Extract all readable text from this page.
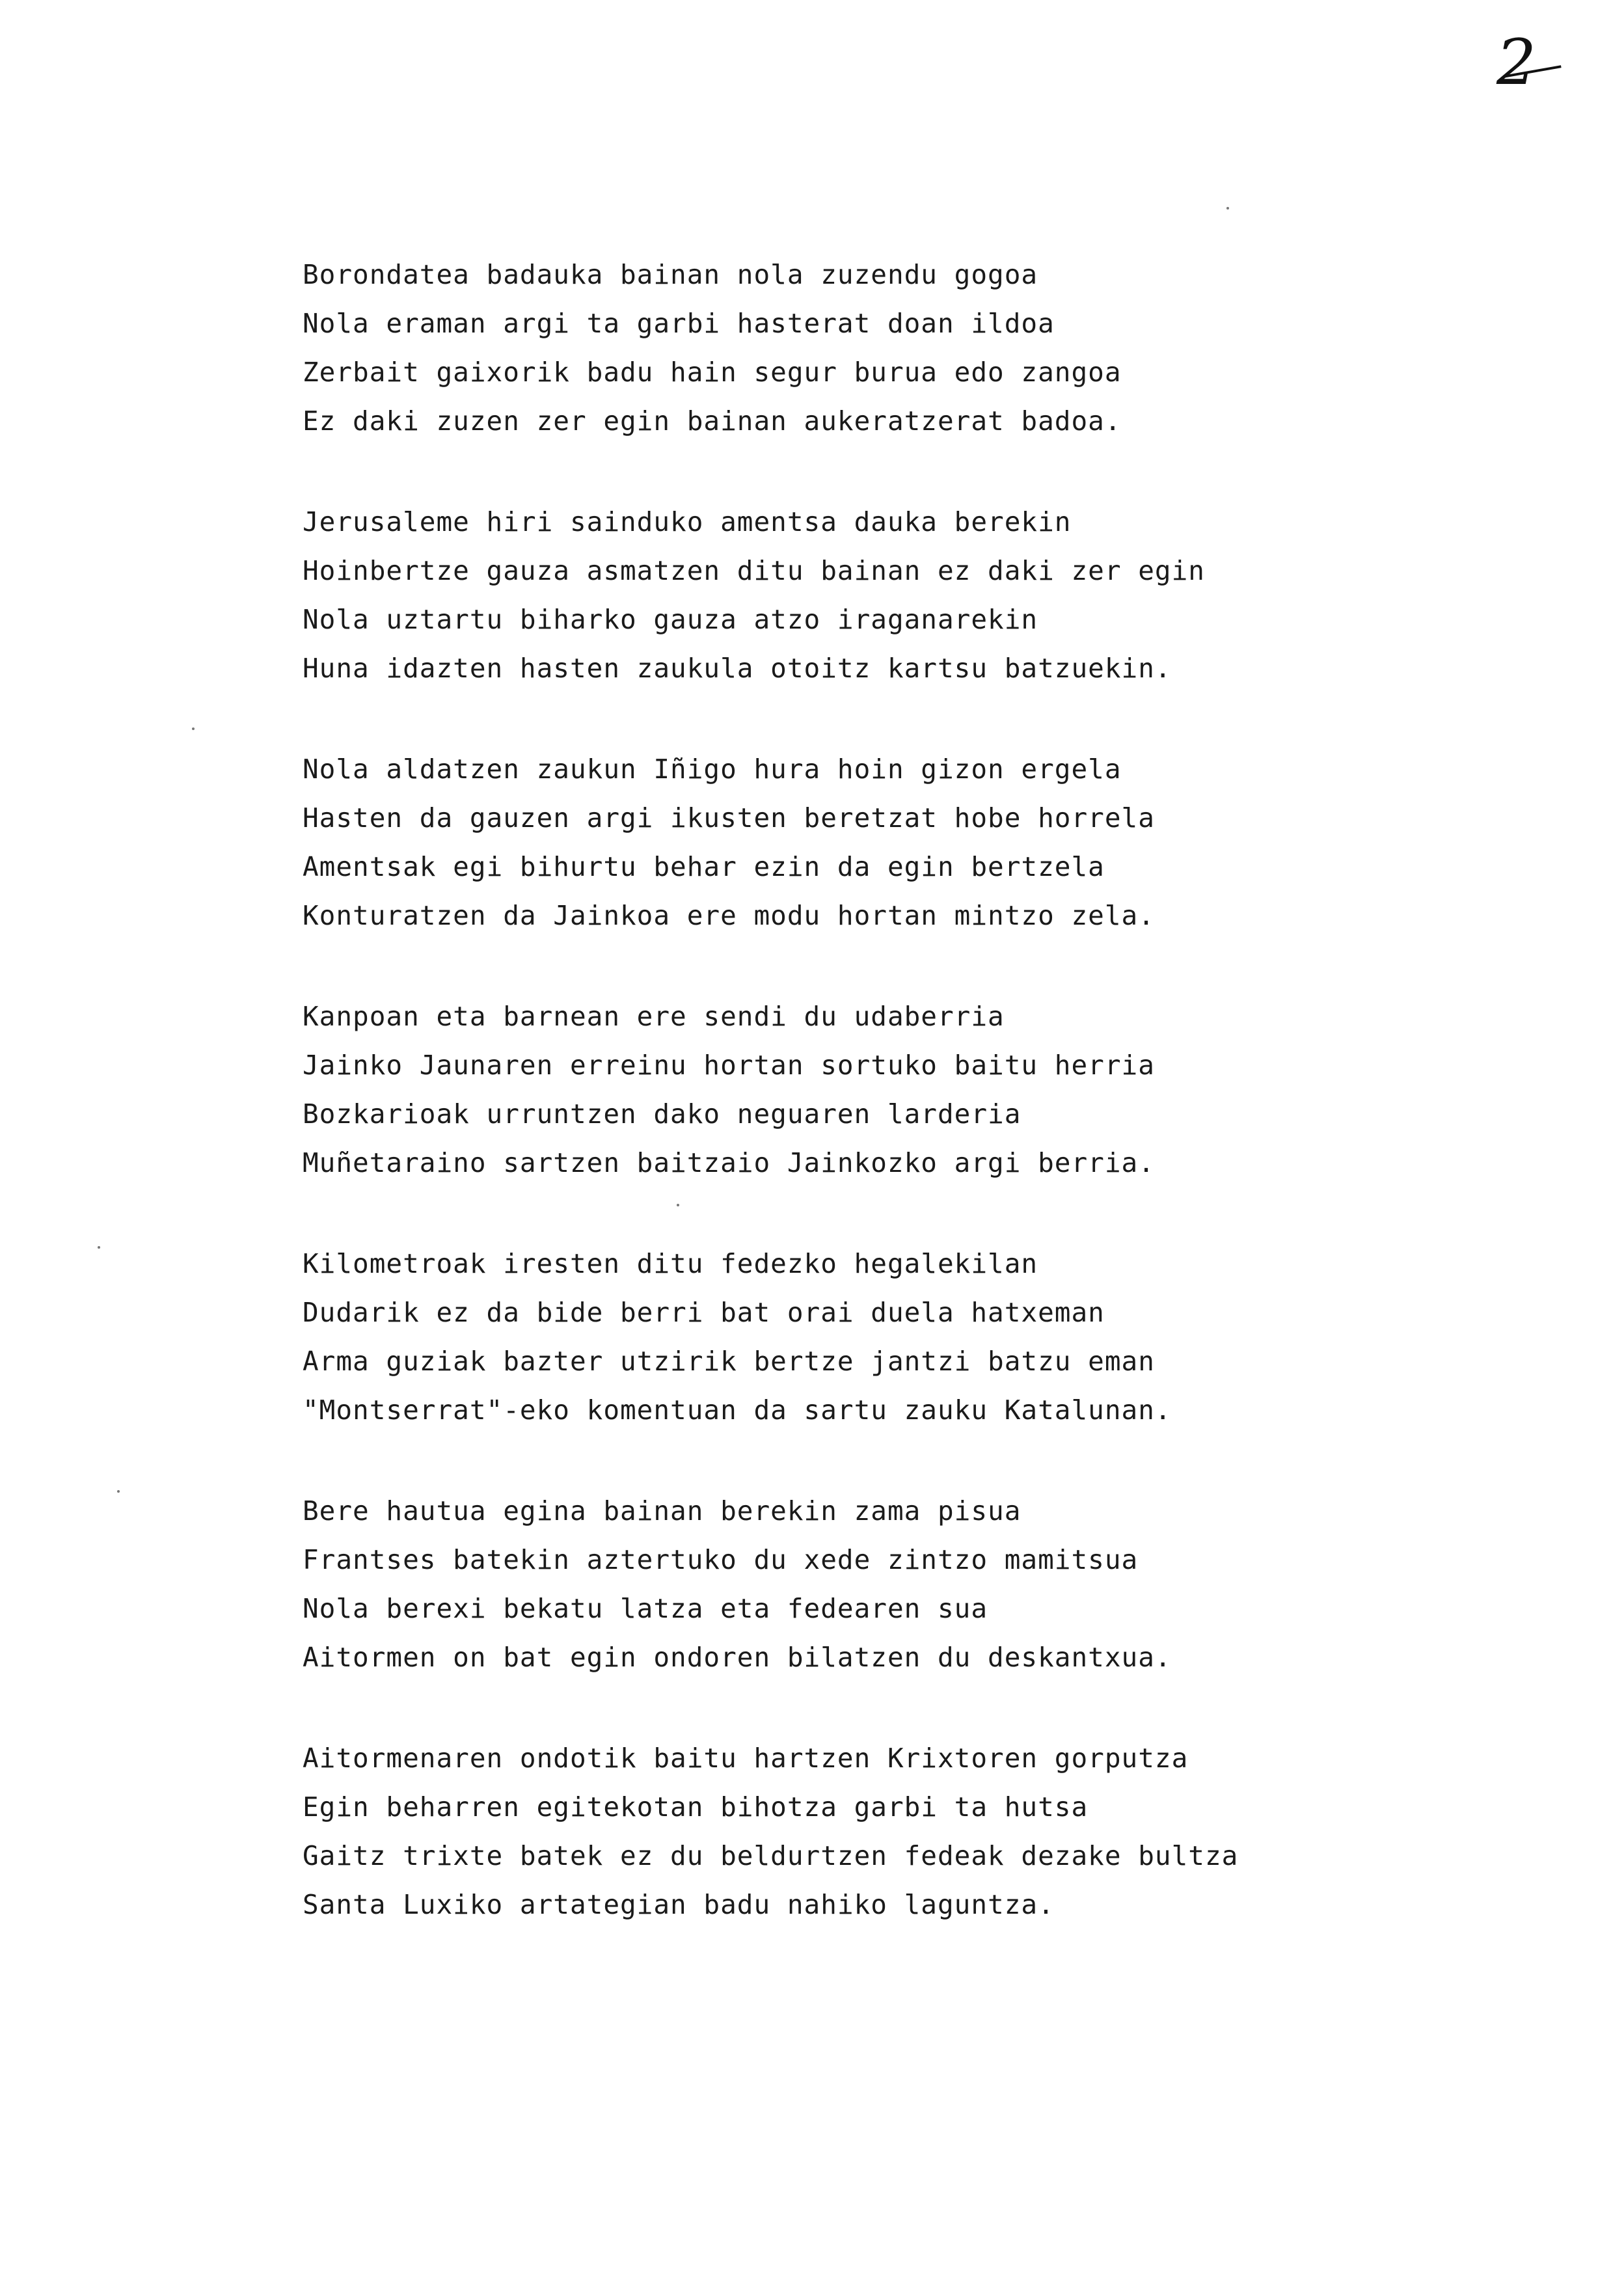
2
Borondatea badauka bainan nola zuzendu gogoa
Nola eraman argi ta garbi hasterat doan ildoa
Zerbait gaixorik badu hain segur burua edo zangoa
Ez daki zuzen zer egin bainan aukeratzerat badoa.
Jerusaleme hiri sainduko amentsa dauka berekin
Hoinbertze gauza asmatzen ditu bainan ez daki zer egin
Nola uztartu biharko gauza atzo iraganarekin
Huna idazten hasten zaukula otoitz kartsu batzuekin.
Nola aldatzen zaukun Iñigo hura hoin gizon ergela
Hasten da gauzen argi ikusten beretzat hobe horrela
Amentsak egi bihurtu behar ezin da egin bertzela
Konturatzen da Jainkoa ere modu hortan mintzo zela.
Kanpoan eta barnean ere sendi du udaberria
Jainko Jaunaren erreinu hortan sortuko baitu herria
Bozkarioak urruntzen dako neguaren larderia
Muñetaraino sartzen baitzaio Jainkozko argi berria.
Kilometroak iresten ditu fedezko hegalekilan
Dudarik ez da bide berri bat orai duela hatxeman
Arma guziak bazter utzirik bertze jantzi batzu eman
"Montserrat"-eko komentuan da sartu zauku Katalunan.
Bere hautua egina bainan berekin zama pisua
Frantses batekin aztertuko du xede zintzo mamitsua
Nola berexi bekatu latza eta fedearen sua
Aitormen on bat egin ondoren bilatzen du deskantxua.
Aitormenaren ondotik baitu hartzen Krixtoren gorputza
Egin beharren egitekotan bihotza garbi ta hutsa
Gaitz trixte batek ez du beldurtzen fedeak dezake bultza
Santa Luxiko artategian badu nahiko laguntza.
